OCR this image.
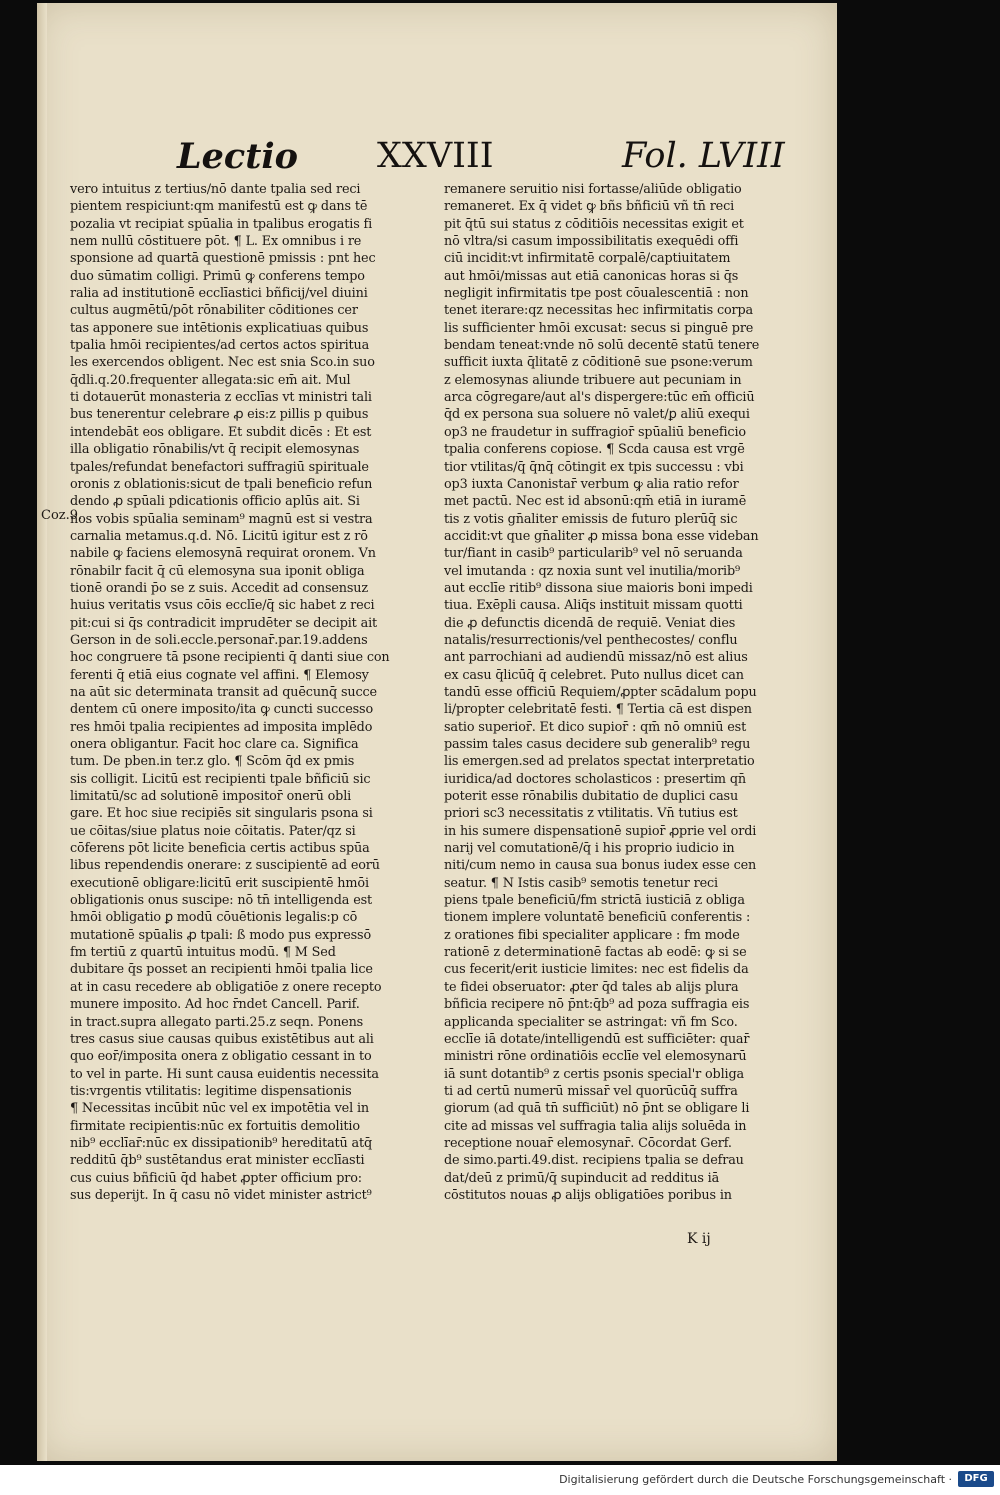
Lectio XXVIII	Fol. LVIII
vero intuitus z tertius/nō dante tpalia sed reci
pientem respiciunt:qm manifestū est ꝙ dans tē
pozalia vt recipiat spūalia in tpalibus erogatis fi
nem nullū cōstituere pōt. ¶ L. Ex omnibus i re
sponsione ad quartā questionē pmissis : pnt hec
duo sūmatim colligi. Primū ꝙ conferens tempo
ralia ad institutionē ecclīastici bñficij/vel diuini
cultus augmētū/pōt rōnabiliter cōditiones cer
tas apponere sue intētionis explicatiuas quibus
tpalia hmōi recipientes/ad certos actos spiritua
les exercendos obligent. Nec est snia Sco.in suo
q̄dli.q.20.frequenter allegata:sic em̄ ait. Mul
ti dotauerūt monasteria z ecclīas vt ministri tali
bus tenerentur celebrare ꝓ eis:z pillis p quibus
intendebāt eos obligare. Et subdit dicēs : Et est
illa obligatio rōnabilis/vt q̄ recipit elemosynas
tpales/refundat benefactori suffragiū spirituale
oronis z oblationis:sicut de tpali beneficio refun
dendo ꝓ spūali pdicationis officio aplūs ait. Si
nos vobis spūalia seminam⁹ magnū est si vestra
carnalia metamus.q.d. Nō. Licitū igitur est z rō
nabile ꝙ faciens elemosynā requirat oronem. Vn
rōnabilr facit q̄ cū elemosyna sua iponit obliga
tionē orandi p̄o se z suis. Accedit ad consensuz
huius veritatis vsus cōis ecclīe/q̄ sic habet z reci
pit:cui si q̄s contradicit imprudēter se decipit ait
Gerson in de soli.eccle.personar̄.par.19.addens
hoc congruere tā psone recipienti q̄ danti siue con
ferenti q̄ etiā eius cognate vel affini. ¶ Elemosy
na aūt sic determinata transit ad quēcunq̄ succe
dentem cū onere imposito/ita ꝙ cuncti successo
res hmōi tpalia recipientes ad imposita implēdo
onera obligantur. Facit hoc clare ca. Significa
tum. De pben.in ter.z glo. ¶ Scōm q̄d ex pmis
sis colligit. Licitū est recipienti tpale bñficiū sic
limitatū/sc ad solutionē impositor̄ onerū obli
gare. Et hoc siue recipiēs sit singularis psona si
ue cōitas/siue platus noie cōitatis. Pater/qz si
cōferens pōt licite beneficia certis actibus spūa
libus rependendis onerare: z suscipientē ad eorū
executionē obligare:licitū erit suscipientē hmōi
obligationis onus suscipe: nō tn̄ intelligenda est
hmōi obligatio ꝑ modū cōuētionis legalis:p cō
mutationē spūalis ꝓ tpali: ß modo pus expressō
fm tertiū z quartū intuitus modū. ¶ M Sed
dubitare q̄s posset an recipienti hmōi tpalia lice
at in casu recedere ab obligatiōe z onere recepto
munere imposito. Ad hoc r̄ndet Cancell. Parif.
in tract.supra allegato parti.25.z seqn. Ponens
tres casus siue causas quibus existētibus aut ali
quo eor̄/imposita onera z obligatio cessant in to
to vel in parte. Hi sunt causa euidentis necessita
tis:vrgentis vtilitatis: legitime dispensationis
¶ Necessitas incūbit nūc vel ex impotētia vel in
firmitate recipientis:nūc ex fortuitis demolitio
nib⁹ ecclīar̄:nūc ex dissipationib⁹ hereditatū atq̄
redditū q̄b⁹ sustētandus erat minister ecclīasti
cus cuius bñficiū q̄d habet ꝓpter officium pro:
sus deperijt. In q̄ casu nō videt minister astrict⁹
remanere seruitio nisi fortasse/aliūde obligatio
remaneret. Ex q̄ videt ꝙ bñs bñficiū vñ tn̄ reci
pit q̄tū sui status z cōditiōis necessitas exigit et
nō vltra/si casum impossibilitatis exequēdi offi
ciū incidit:vt infirmitatē corpalē/captiuitatem
aut hmōi/missas aut etiā canonicas horas si q̄s
negligit infirmitatis tpe post cōualescentiā : non
tenet iterare:qz necessitas hec infirmitatis corpa
lis sufficienter hmōi excusat: secus si pinguē pre
bendam teneat:vnde nō solū decentē statū tenere
sufficit iuxta q̄litatē z cōditionē sue psone:verum
z elemosynas aliunde tribuere aut pecuniam in
arca cōgregare/aut al's dispergere:tūc em̄ officiū
q̄d ex persona sua soluere nō valet/ꝑ aliū exequi
op3 ne fraudetur in suffragior̄ spūaliū beneficio
tpalia conferens copiose. ¶ Scda causa est vrgē
tior vtilitas/q̄ q̄nq̄ cōtingit ex tpis successu : vbi
op3 iuxta Canonistar̄ verbum ꝙ alia ratio refor
met pactū. Nec est id absonū:qm̄ etiā in iuramē
tis z votis gn̄aliter emissis de futuro plerūq̄ sic
accidit:vt que gn̄aliter ꝓ missa bona esse videban
tur/fiant in casib⁹ particularib⁹ vel nō seruanda
vel imutanda : qz noxia sunt vel inutilia/morib⁹
aut ecclīe ritib⁹ dissona siue maioris boni impedi
tiua. Exēpli causa. Aliq̄s instituit missam quotti
die ꝓ defunctis dicendā de requiē. Veniat dies
natalis/resurrectionis/vel penthecostes/ conflu
ant parrochiani ad audiendū missaz/nō est alius
ex casu q̄licūq̄ q̄ celebret. Puto nullus dicet can
tandū esse officiū Requiem/ꝓpter scādalum popu
li/propter celebritatē festi. ¶ Tertia cā est dispen
satio superior̄. Et dico supior̄ : qm̄ nō omniū est
passim tales casus decidere sub generalib⁹ regu
lis emergen.sed ad prelatos spectat interpretatio
iuridica/ad doctores scholasticos : presertim qn̄
poterit esse rōnabilis dubitatio de duplici casu
priori sc3 necessitatis z vtilitatis. Vn̄ tutius est
in his sumere dispensationē supior̄ ꝓprie vel ordi
narij vel comutationē/q̄ i his proprio iudicio in
niti/cum nemo in causa sua bonus iudex esse cen
seatur. ¶ N Istis casib⁹ semotis tenetur reci
piens tpale beneficiū/fm strictā iusticiā z obliga
tionem implere voluntatē beneficiū conferentis :
z orationes fibi specialiter applicare : fm mode
rationē z determinationē factas ab eodē: ꝙ si se
cus fecerit/erit iusticie limites: nec est fidelis da
te fidei obseruator: ꝓter q̄d tales ab alijs plura
bñficia recipere nō p̄nt:q̄b⁹ ad poza suffragia eis
applicanda specialiter se astringat: vñ fm Sco.
ecclīe iā dotate/intelligendū est sufficiēter: quar̄
ministri rōne ordinatiōis ecclīe vel elemosynarū
iā sunt dotantib⁹ z certis psonis special'r obliga
ti ad certū numerū missar̄ vel quorūcūq̄ suffra
giorum (ad quā tn̄ sufficiūt) nō p̄nt se obligare li
cite ad missas vel suffragia talia alijs soluēda in
receptione nouar̄ elemosynar̄. Cōcordat Gerf.
de simo.parti.49.dist. recipiens tpalia se defrau
dat/deū z primū/q̄ supinducit ad redditus iā
cōstitutos nouas ꝓ alijs obligatiōes poribus in
Coz.9.
K ij
Digitalisierung gefördert durch die Deutsche Forschungsgemeinschaft ·	DFG
